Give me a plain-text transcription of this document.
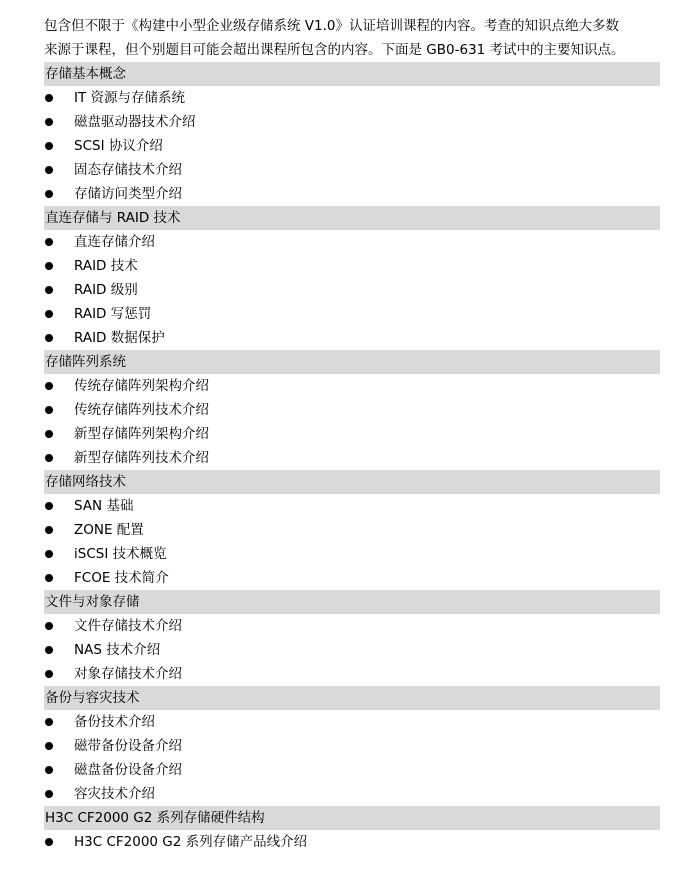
包含但不限于《构建中小型企业级存储系统 V1.0》认证培训课程的内容。考查的知识点绝大多数
来源于课程，但个别题目可能会超出课程所包含的内容。下面是 GB0-631 考试中的主要知识点。

存储基本概念
IT 资源与存储系统
磁盘驱动器技术介绍
SCSI 协议介绍
固态存储技术介绍
存储访问类型介绍
直连存储与 RAID 技术
直连存储介绍
RAID 技术
RAID 级别
RAID 写惩罚
RAID 数据保护
存储阵列系统
传统存储阵列架构介绍
传统存储阵列技术介绍
新型存储阵列架构介绍
新型存储阵列技术介绍
存储网络技术
SAN 基础
ZONE 配置
iSCSI 技术概览
FCOE 技术简介
文件与对象存储
文件存储技术介绍
NAS 技术介绍
对象存储技术介绍
备份与容灾技术
备份技术介绍
磁带备份设备介绍
磁盘备份设备介绍
容灾技术介绍
H3C CF2000 G2 系列存储硬件结构
H3C CF2000 G2 系列存储产品线介绍
